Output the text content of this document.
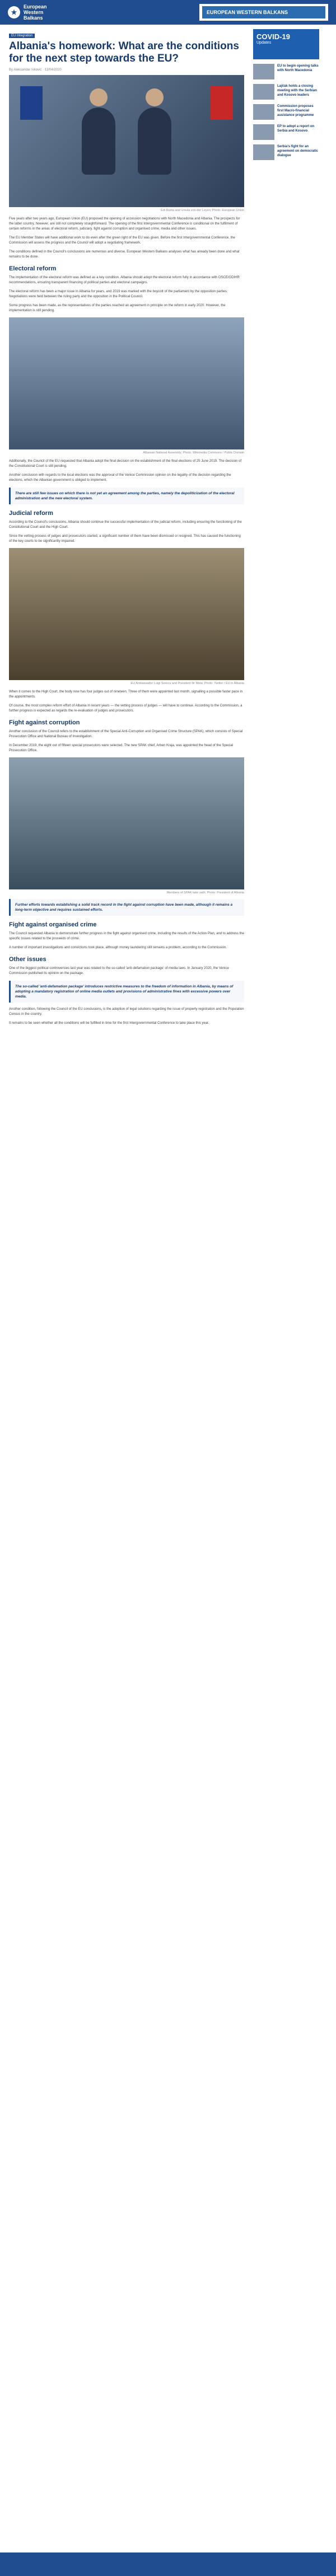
★
European
Western
Balkans
EUROPEAN WESTERN BALKANS
EU Integration
Albania's homework: What are the conditions for the next step towards the EU?
By Aleksandar Ivković · 13/04/2020
Edi Rama and Ursula von der Leyen; Photo: European Union

Five years after two years ago, European Union (EU) proposed the opening of accession negotiations with North Macedonia and Albania. The prospects for the latter country, however, are still not completely straightforward. The opening of the first Intergovernmental Conference is conditional on the fulfilment of certain reforms in the areas of electoral reform, judiciary, fight against corruption and organised crime, media and other issues.

The EU Member States will have additional work to do even after the green light of the EU was given. Before the first Intergovernmental Conference, the Commission will assess the progress and the Council will adopt a negotiating framework.

The conditions defined in the Council's conclusions are numerous and diverse. European Western Balkans analyses what has already been done and what remains to be done.

Electoral reform

The implementation of the electoral reform was defined as a key condition. Albania should adopt the electoral reform fully in accordance with OSCE/ODIHR recommendations, ensuring transparent financing of political parties and electoral campaigns.

The electoral reform has been a major issue in Albania for years, and 2019 was marked with the boycott of the parliament by the opposition parties. Negotiations were held between the ruling party and the opposition in the Political Council.

Some progress has been made, as the representatives of the parties reached an agreement in principle on the reform in early 2020. However, the implementation is still pending.

Albanian National Assembly; Photo: Wikimedia Commons / Public Domain

Additionally, the Council of the EU requested that Albania adopt the final decision on the establishment of the final elections of 25 June 2019. The decision of the Constitutional Court is still pending.

Another conclusion with regards to the local elections was the approval of the Venice Commission opinion on the legality of the decision regarding the elections, which the Albanian government is obliged to implement.

There are still few issues on which there is not yet an agreement among the parties, namely the depoliticization of the electoral administration and the new electoral system.
Judicial reform

According to the Council's conclusions, Albania should continue the successful implementation of the judicial reform, including ensuring the functioning of the Constitutional Court and the High Court.

Since the vetting process of judges and prosecutors started, a significant number of them have been dismissed or resigned. This has caused the functioning of the key courts to be significantly impaired.

EU Ambassador Luigi Soreca and President Ilir Meta; Photo: Twitter / EU in Albania

When it comes to the High Court, the body now has four judges out of nineteen. Three of them were appointed last month, signalling a possible faster pace in the appointments.

Of course, the most complex reform effort of Albania in recent years — the vetting process of judges — will have to continue. According to the Commission, a further progress is expected as regards the re-evaluation of judges and prosecutors.

Fight against corruption

Another conclusion of the Council refers to the establishment of the Special Anti-Corruption and Organised Crime Structure (SPAK), which consists of Special Prosecution Office and National Bureau of Investigation.

In December 2019, the eight out of fifteen special prosecutors were selected. The new SPAK chief, Arben Kraja, was appointed the head of the Special Prosecution Office.

Members of SPAK take oath; Photo: President of Albania
Further efforts towards establishing a solid track record in the fight against corruption have been made, although it remains a long-term objective and requires sustained efforts.
Fight against organised crime

The Council requested Albania to demonstrate further progress in the fight against organised crime, including the results of the Action Plan, and to address the specific issues related to the proceeds of crime.

A number of important investigations and convictions took place, although money laundering still remains a problem, according to the Commission.

Other issues

One of the biggest political controversies last year was related to the so-called 'anti-defamation package' of media laws. In January 2020, the Venice Commission published its opinion on the package.

The so-called 'anti-defamation package' introduces restrictive measures to the freedom of information in Albania, by means of adopting a mandatory registration of online media outlets and provisions of administrative fines with excessive powers over media.

Another condition, following the Council of the EU conclusions, is the adoption of legal solutions regarding the issue of property registration and the Population Census in the country.

It remains to be seen whether all the conditions will be fulfilled in time for the first Intergovernmental Conference to take place this year.

COVID-19
Updates
EU to begin opening talks with North Macedonia
Lajčák holds a closing meeting with the Serbian and Kosovo leaders
Commission proposes first Macro-financial assistance programme
EP to adopt a report on Serbia and Kosovo
Serbia's fight for an agreement on democratic dialogue
